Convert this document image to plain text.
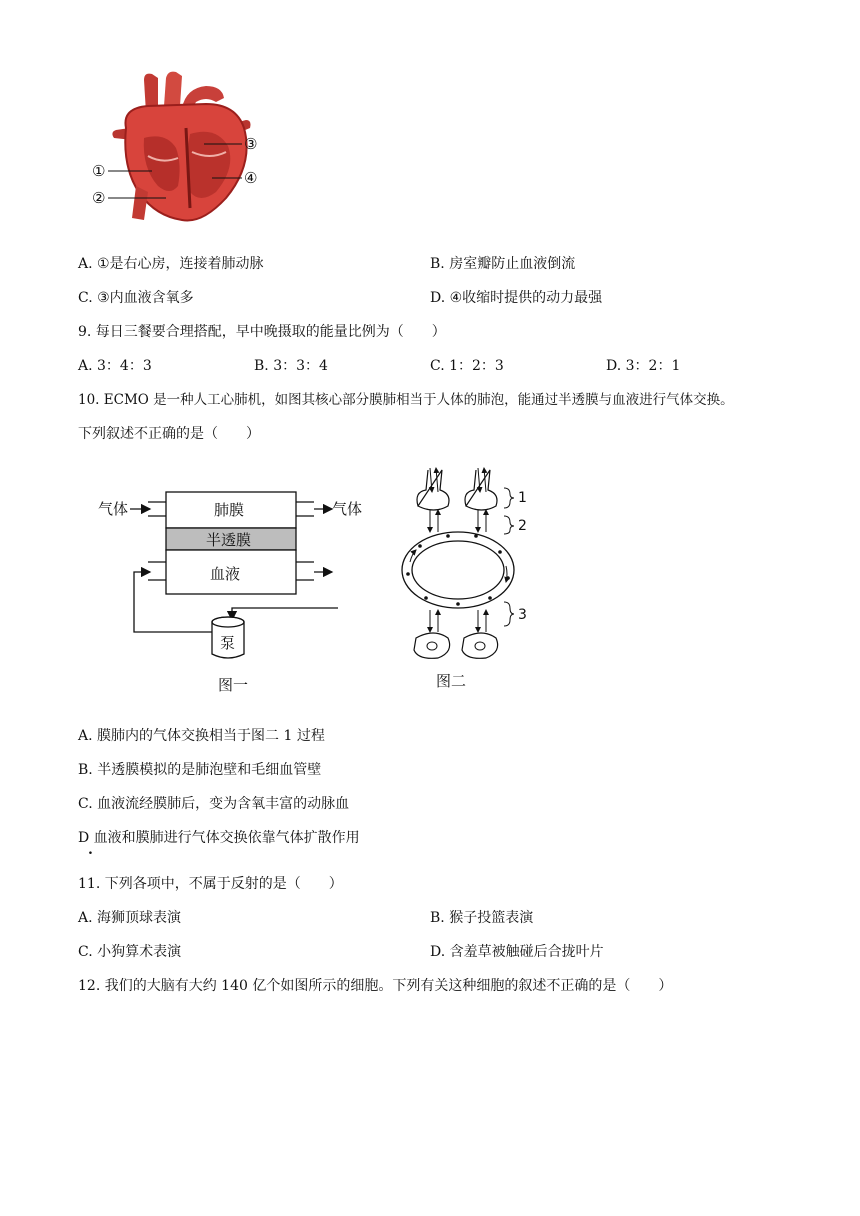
①
②
③
④
A. ①是右心房，连接着肺动脉	B. 房室瓣防止血液倒流
C. ③内血液含氧多	D. ④收缩时提供的动力最强
9. 每日三餐要合理搭配，早中晚摄取的能量比例为（　　）
A. 3：4：3	B. 3：3：4	C. 1：2：3	D. 3：2：1
10. ECMO 是一种人工心肺机，如图其核心部分膜肺相当于人体的肺泡，能通过半透膜与血液进行气体交换。
下列叙述不正确的是（　　）
气体	气体
肺膜
半透膜
血液
泵
图一
1
2
3
图二
A. 膜肺内的气体交换相当于图二 1 过程
B. 半透膜模拟的是肺泡壁和毛细血管壁
C. 血液流经膜肺后，变为含氧丰富的动脉血
D 血液和膜肺进行气体交换依靠气体扩散作用
.
11. 下列各项中，不属于反射的是（　　）
A. 海狮顶球表演	B. 猴子投篮表演
C. 小狗算术表演	D. 含羞草被触碰后合拢叶片
12. 我们的大脑有大约 140 亿个如图所示的细胞。下列有关这种细胞的叙述不正确的是（　　）
